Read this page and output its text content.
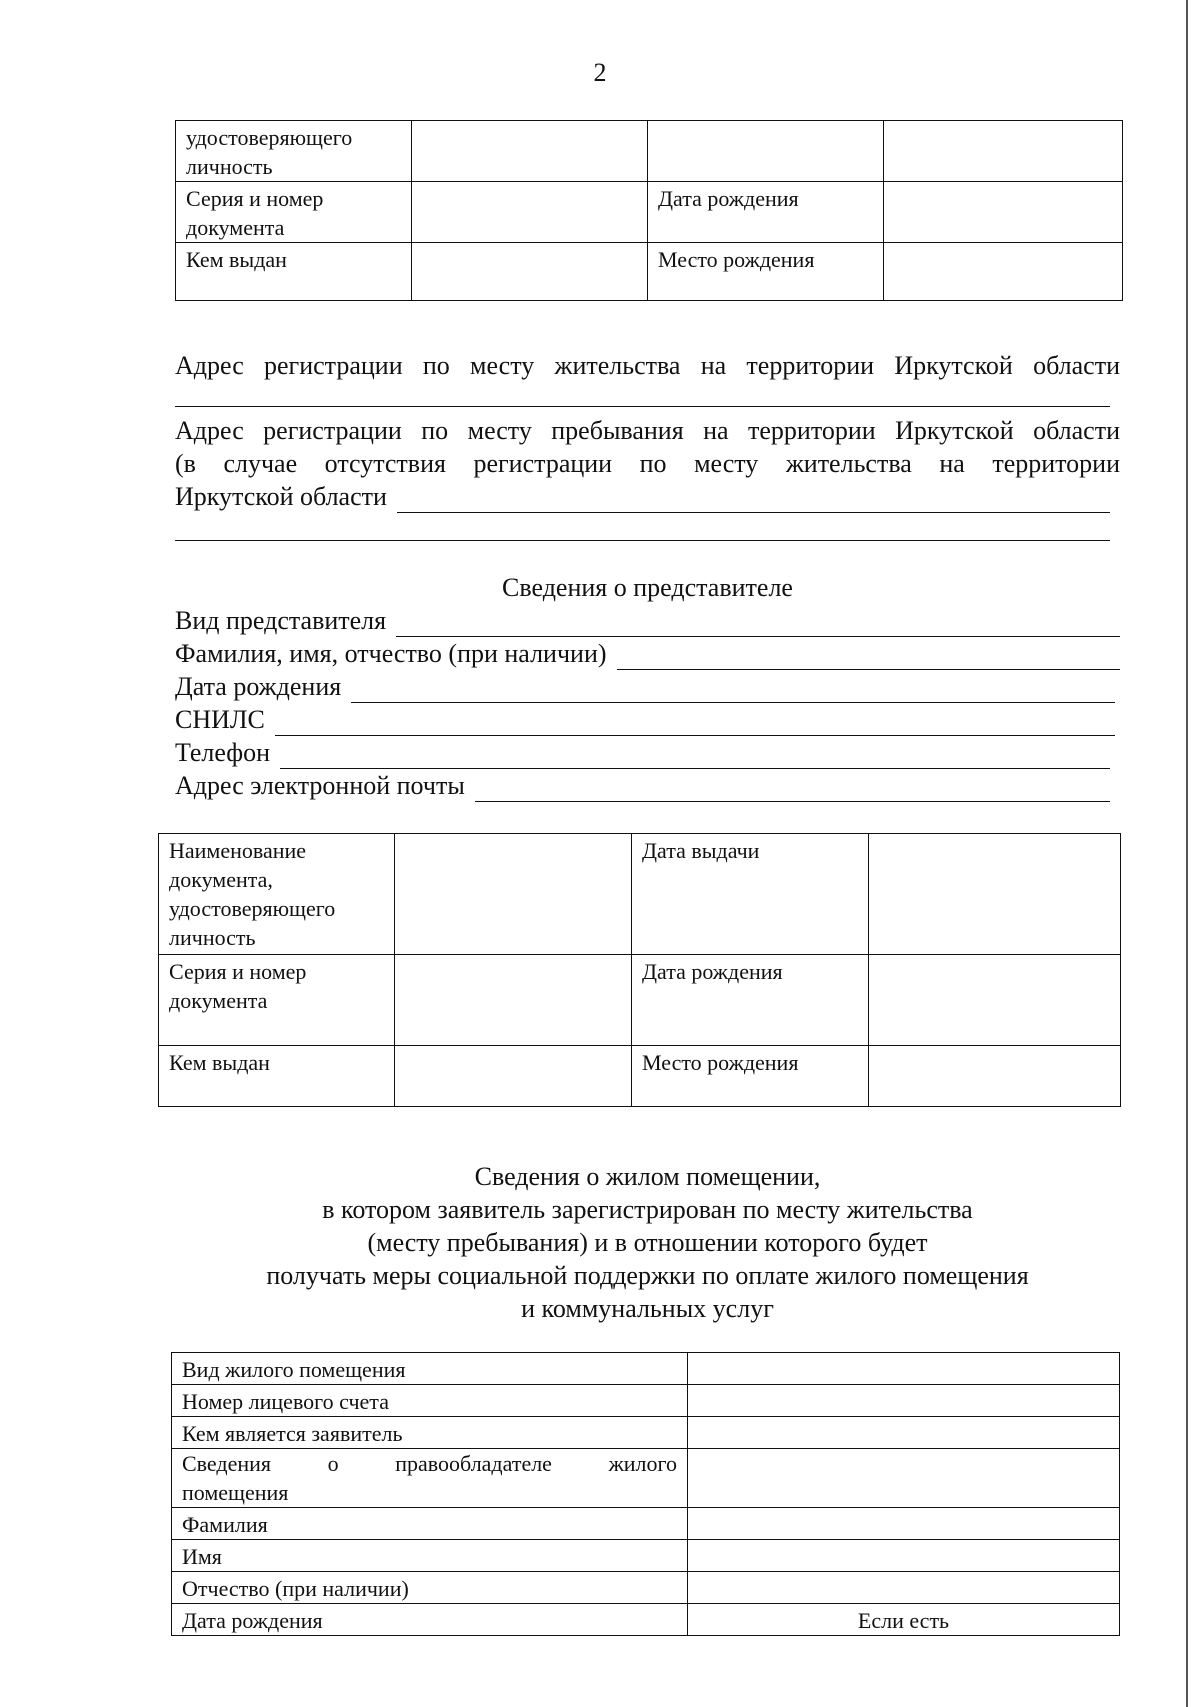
2
удостоверяющего личность			
Серия и номер документа		Дата рождения	
Кем выдан		Место рождения	
Адрес регистрации по месту жительства на территории Иркутской области
Адрес регистрации по месту пребывания на территории Иркутской области
(в случае отсутствия регистрации по месту жительства на территории
Иркутской области
Сведения о представителе
Вид представителя
Фамилия, имя, отчество (при наличии)
Дата рождения
СНИЛС
Телефон
Адрес электронной почты
Наименование документа, удостоверяющего личность		Дата выдачи	
Серия и номер документа		Дата рождения	
Кем выдан		Место рождения	
Сведения о жилом помещении,
в котором заявитель зарегистрирован по месту жительства
(месту пребывания) и в отношении которого будет
получать меры социальной поддержки по оплате жилого помещения
и коммунальных услуг
Вид жилого помещения	
Номер лицевого счета	
Кем является заявитель	

Сведения о правообладателе жилого
помещения	

Фамилия	
Имя	
Отчество (при наличии)	
Дата рождения	Если есть
